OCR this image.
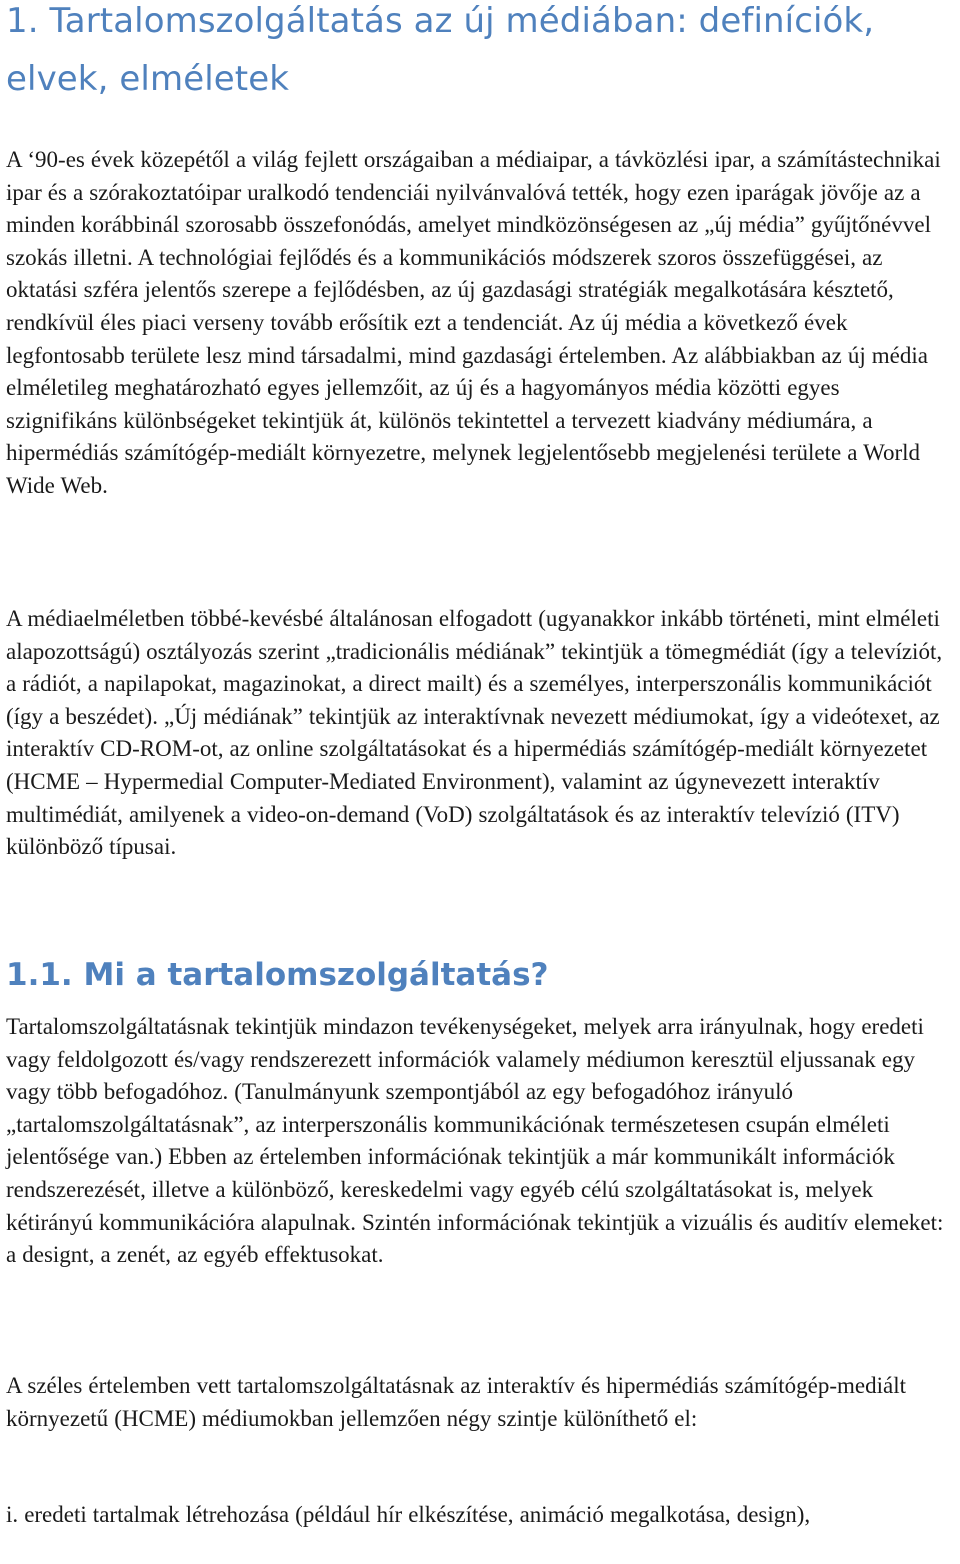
1. Tartalomszolgáltatás az új médiában: definíciók, elvek, elméletek

A ‘90-es évek közepétől a világ fejlett országaiban a médiaipar, a távközlési ipar, a számítástechnikai ipar és a szórakoztatóipar uralkodó tendenciái nyilvánvalóvá tették, hogy ezen iparágak jövője az a minden korábbinál szorosabb összefonódás, amelyet mindközönségesen az „új média” gyűjtőnévvel szokás illetni. A technológiai fejlődés és a kommunikációs módszerek szoros összefüggései, az oktatási szféra jelentős szerepe a fejlődésben, az új gazdasági stratégiák megalkotására késztető, rendkívül éles piaci verseny tovább erősítik ezt a tendenciát. Az új média a következő évek legfontosabb területe lesz mind társadalmi, mind gazdasági értelemben. Az alábbiakban az új média elméletileg meghatározható egyes jellemzőit, az új és a hagyományos média közötti egyes szignifikáns különbségeket tekintjük át, különös tekintettel a tervezett kiadvány médiumára, a hipermédiás számítógép-mediált környezetre, melynek legjelentősebb megjelenési területe a World Wide Web.

A médiaelméletben többé-kevésbé általánosan elfogadott (ugyanakkor inkább történeti, mint elméleti alapozottságú) osztályozás szerint „tradicionális médiának” tekintjük a tömegmédiát (így a televíziót, a rádiót, a napilapokat, magazinokat, a direct mailt) és a személyes, interperszonális kommunikációt (így a beszédet). „Új médiának” tekintjük az interaktívnak nevezett médiumokat, így a videótexet, az interaktív CD-ROM-ot, az online szolgáltatásokat és a hipermédiás számítógép-mediált környezetet (HCME – Hypermedial Computer-Mediated Environment), valamint az úgynevezett interaktív multimédiát, amilyenek a video-on-demand (VoD) szolgáltatások és az interaktív televízió (ITV) különböző típusai.

1.1. Mi a tartalomszolgáltatás?

Tartalomszolgáltatásnak tekintjük mindazon tevékenységeket, melyek arra irányulnak, hogy eredeti vagy feldolgozott és/vagy rendszerezett információk valamely médiumon keresztül eljussanak egy vagy több befogadóhoz. (Tanulmányunk szempontjából az egy befogadóhoz irányuló „tartalomszolgáltatásnak”, az interperszonális kommunikációnak természetesen csupán elméleti jelentősége van.) Ebben az értelemben információnak tekintjük a már kommunikált információk rendszerezését, illetve a különböző, kereskedelmi vagy egyéb célú szolgáltatásokat is, melyek kétirányú kommunikációra alapulnak. Szintén információnak tekintjük a vizuális és auditív elemeket: a designt, a zenét, az egyéb effektusokat.

A széles értelemben vett tartalomszolgáltatásnak az interaktív és hipermédiás számítógép-mediált környezetű (HCME) médiumokban jellemzően négy szintje különíthető el:

i. eredeti tartalmak létrehozása (például hír elkészítése, animáció megalkotása, design),
